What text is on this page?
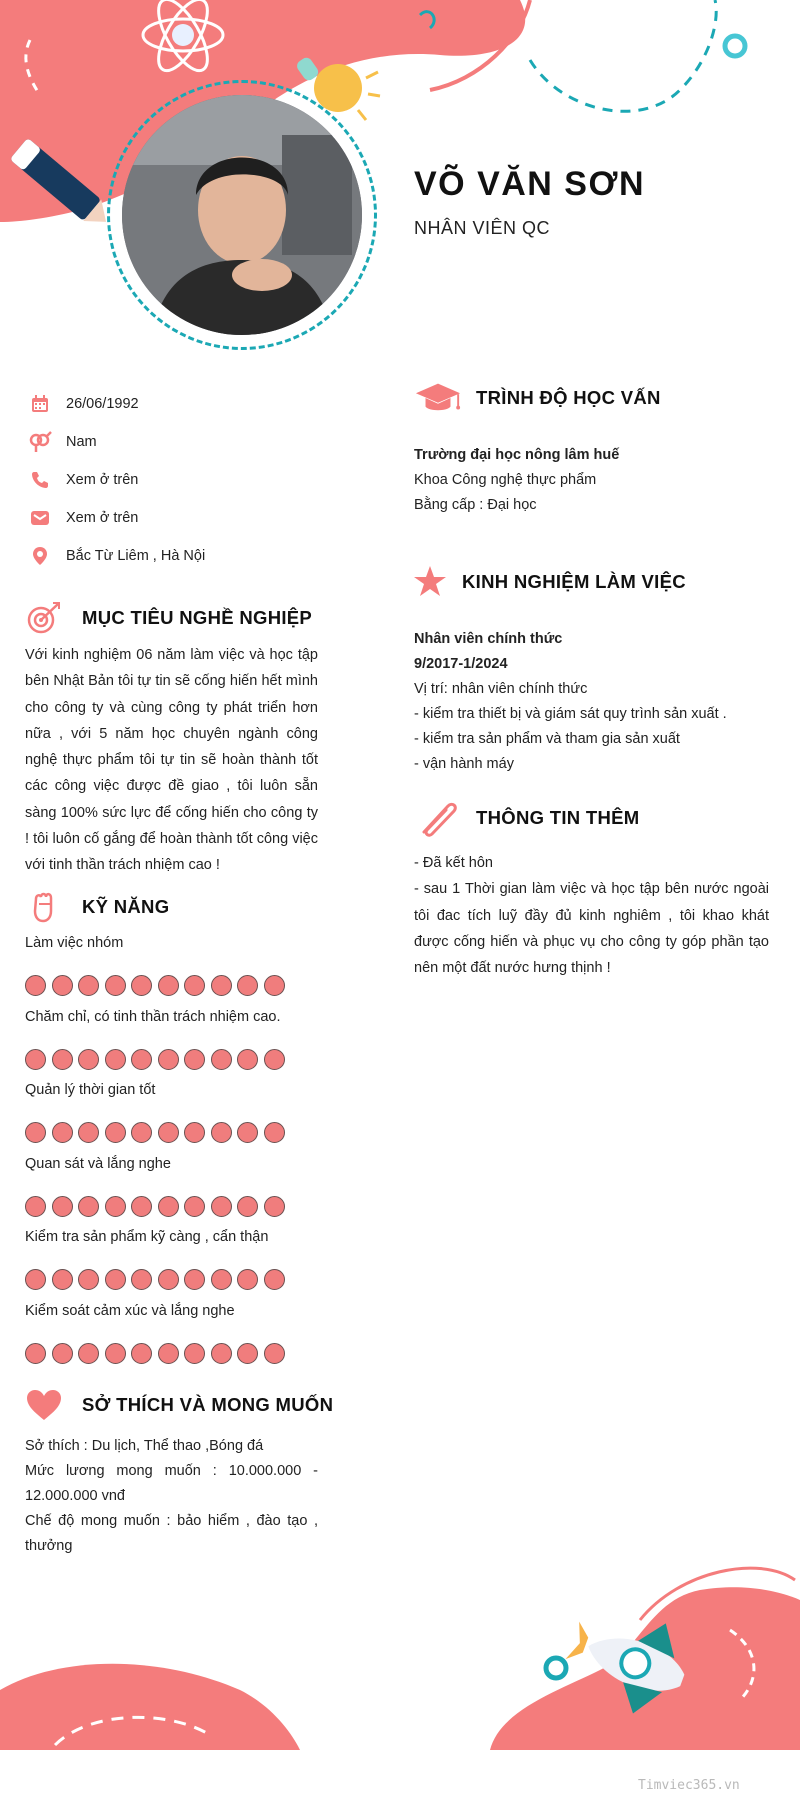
VÕ VĂN SƠN
NHÂN VIÊN QC
26/06/1992
Nam
Xem ở trên
Xem ở trên
Bắc Từ Liêm , Hà Nội
MỤC TIÊU NGHỀ NGHIỆP
Với kinh nghiệm 06 năm làm việc và học tập bên Nhật Bản tôi tự tin sẽ cống hiến hết mình cho công ty và cùng công ty phát triển hơn nữa , với 5 năm học chuyên ngành công nghệ thực phẩm tôi tự tin sẽ hoàn thành tốt các công việc được đề giao , tôi luôn sẵn sàng 100% sức lực để cống hiến cho công ty ! tôi luôn cố gắng để hoàn thành tốt công việc với tinh thần trách nhiệm cao !
KỸ NĂNG
Làm việc nhóm
Chăm chỉ, có tinh thần trách nhiệm cao.
Quản lý thời gian tốt
Quan sát và lắng nghe
Kiểm tra sản phẩm kỹ càng , cẩn thận
Kiểm soát cảm xúc và lắng nghe
SỞ THÍCH VÀ MONG MUỐN
Sở thích : Du lịch, Thể thao ,Bóng đá
Mức lương mong muốn : 10.000.000 - 12.000.000 vnđ
Chế độ mong muốn : bảo hiểm , đào tạo , thưởng
TRÌNH ĐỘ HỌC VẤN
Trường đại học nông lâm huế
Khoa Công nghệ thực phẩm
Bằng cấp : Đại học
KINH NGHIỆM LÀM VIỆC
Nhân viên chính thức
9/2017-1/2024
Vị trí: nhân viên chính thức
- kiểm tra thiết bị và giám sát quy trình sản xuất .
- kiểm tra sản phẩm và tham gia sản xuất
- vận hành máy
THÔNG TIN THÊM
- Đã kết hôn
- sau 1 Thời gian làm việc và học tập bên nước ngoài tôi đac tích luỹ đầy đủ kinh nghiêm , tôi khao khát được cống hiến và phục vụ cho công ty góp phần tạo nên một đất nước hưng thịnh !
Timviec365.vn
